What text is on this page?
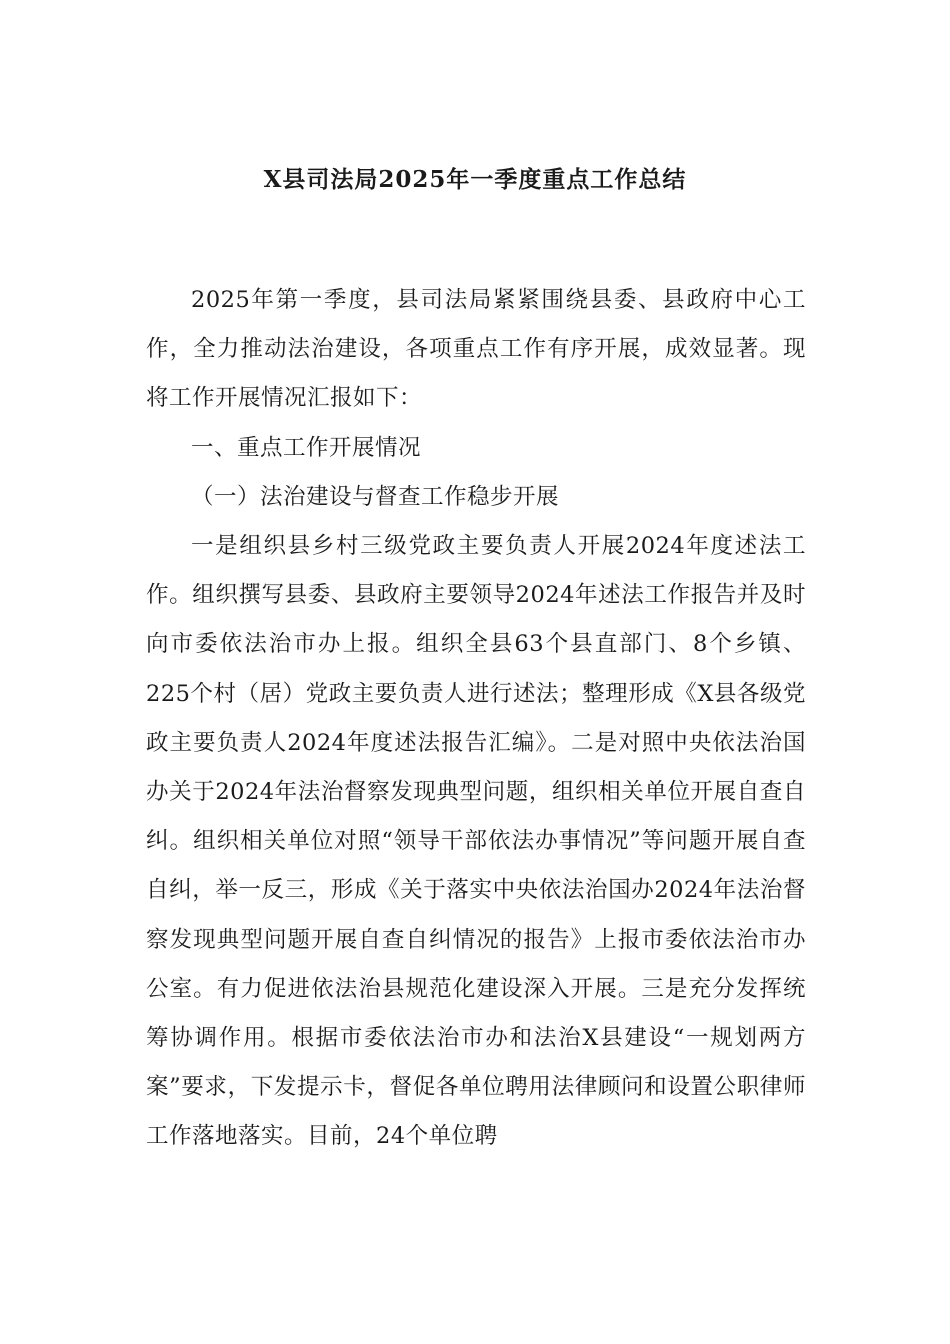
X县司法局2025年一季度重点工作总结

2025年第一季度，县司法局紧紧围绕县委、县政府中心工作，全力推动法治建设，各项重点工作有序开展，成效显著。现将工作开展情况汇报如下：

一、重点工作开展情况

（一）法治建设与督查工作稳步开展

一是组织县乡村三级党政主要负责人开展2024年度述法工作。组织撰写县委、县政府主要领导2024年述法工作报告并及时向市委依法治市办上报。组织全县63个县直部门、8个乡镇、225个村（居）党政主要负责人进行述法；整理形成《X县各级党政主要负责人2024年度述法报告汇编》。二是对照中央依法治国办关于2024年法治督察发现典型问题，组织相关单位开展自查自纠。组织相关单位对照“领导干部依法办事情况”等问题开展自查自纠，举一反三，形成《关于落实中央依法治国办2024年法治督察发现典型问题开展自查自纠情况的报告》上报市委依法治市办公室。有力促进依法治县规范化建设深入开展。三是充分发挥统筹协调作用。根据市委依法治市办和法治X县建设“一规划两方案”要求，下发提示卡，督促各单位聘用法律顾问和设置公职律师工作落地落实。目前，24个单位聘
